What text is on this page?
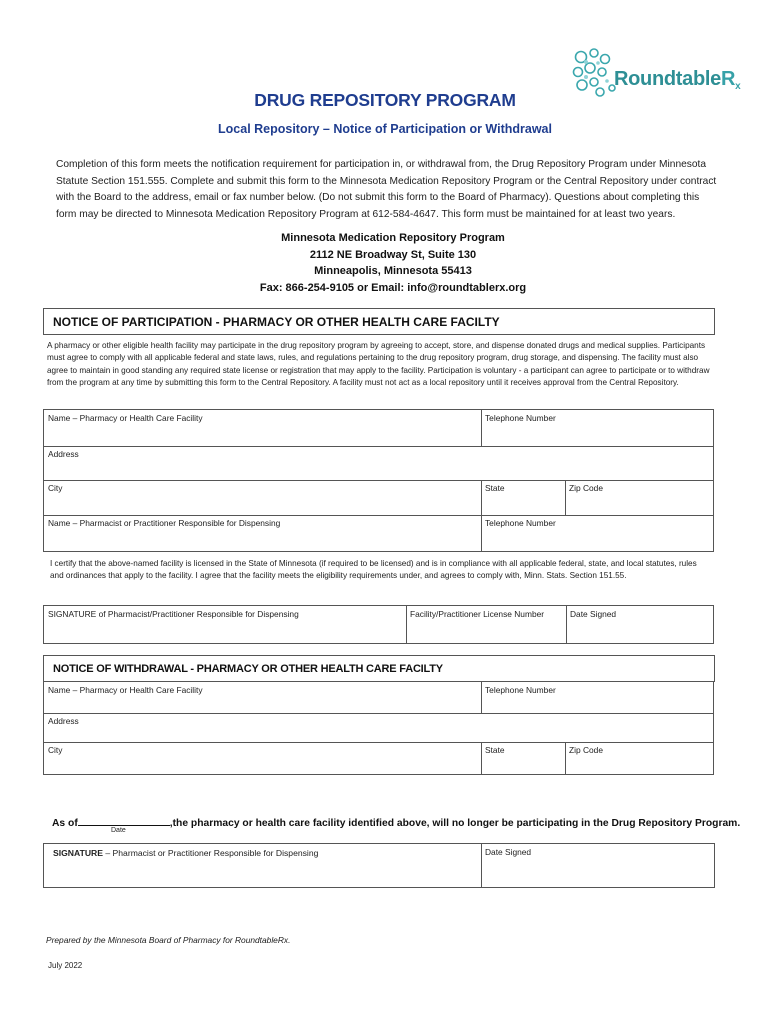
RoundtableR$_x$
DRUG REPOSITORY PROGRAM
Local Repository – Notice of Participation or Withdrawal
Completion of this form meets the notification requirement for participation in, or withdrawal from, the Drug Repository Program under Minnesota Statute Section 151.555. Complete and submit this form to the Minnesota Medication Repository Program or the Central Repository under contract with the Board to the address, email or fax number below. (Do not submit this form to the Board of Pharmacy). Questions about completing this form may be directed to Minnesota Medication Repository Program at 612-584-4647. This form must be maintained for at least two years.
Minnesota Medication Repository Program
2112 NE Broadway St, Suite 130
Minneapolis, Minnesota 55413
Fax: 866-254-9105 or Email: info@roundtablerx.org
NOTICE OF PARTICIPATION - PHARMACY OR OTHER HEALTH CARE FACILTY
A pharmacy or other eligible health facility may participate in the drug repository program by agreeing to accept, store, and dispense donated drugs and medical supplies. Participants must agree to comply with all applicable federal and state laws, rules, and regulations pertaining to the drug repository program, drug storage, and dispensing. The facility must also agree to maintain in good standing any required state license or registration that may apply to the facility. Participation is voluntary - a participant can agree to participate or to withdraw from the program at any time by submitting this form to the Central Repository. A facility must not act as a local repository until it receives approval from the Central Repository.
Name – Pharmacy or Health Care Facility	Telephone Number
Address
City	State	Zip Code
Name – Pharmacist or Practitioner Responsible for Dispensing	Telephone Number
I certify that the above-named facility is licensed in the State of Minnesota (if required to be licensed) and is in compliance with all applicable federal, state, and local statutes, rules and ordinances that apply to the facility. I agree that the facility meets the eligibility requirements under, and agrees to comply with, Minn. Stats. Section 151.55.
SIGNATURE of Pharmacist/Practitioner Responsible for Dispensing	Facility/Practitioner License Number	Date Signed
NOTICE OF WITHDRAWAL - PHARMACY OR OTHER HEALTH CARE FACILTY
Name – Pharmacy or Health Care Facility	Telephone Number
Address
City	State	Zip Code
As of	,the pharmacy or health care facility identified above, will no longer be participating in the Drug Repository Program.
Date
SIGNATURE – Pharmacist or Practitioner Responsible for Dispensing	Date Signed
Prepared by the Minnesota Board of Pharmacy for RoundtableRx.
July 2022
